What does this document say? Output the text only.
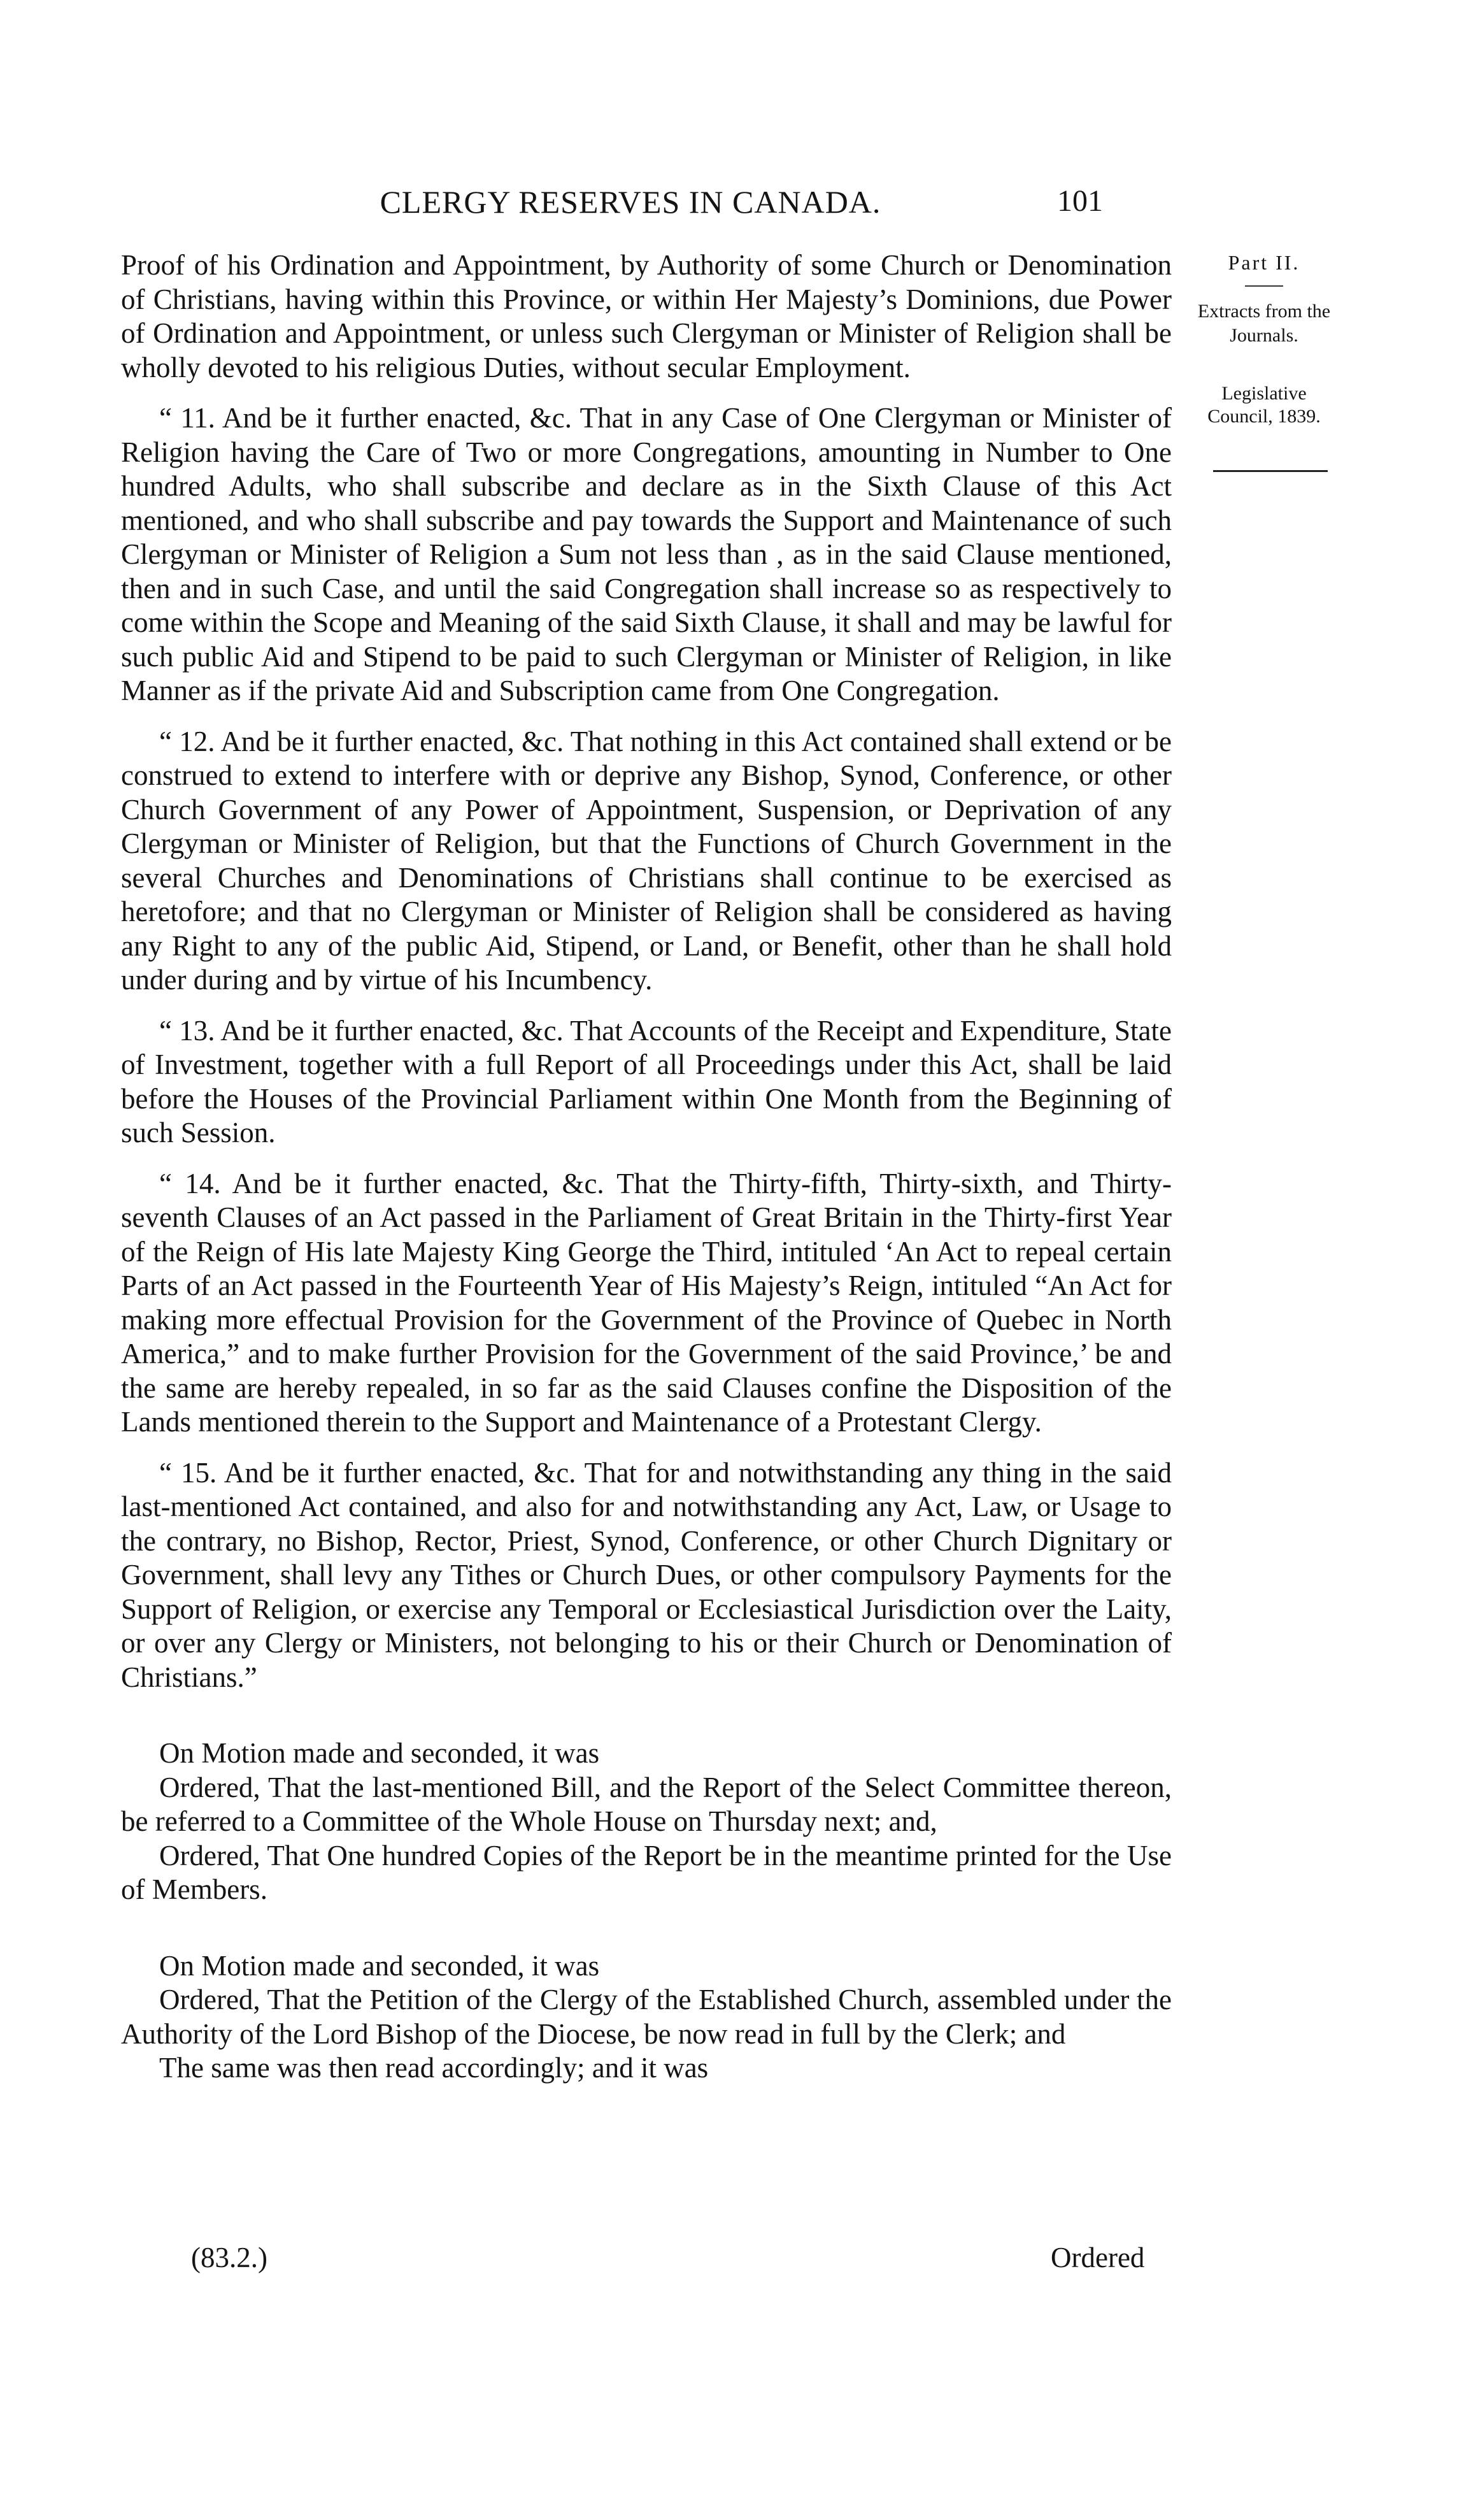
CLERGY RESERVES IN CANADA.	101
Part II.
Extracts from the Journals.
Legislative Council, 1839.

Proof of his Ordination and Appointment, by Authority of some Church or Denomination of Christians, having within this Province, or within Her Majesty’s Dominions, due Power of Ordination and Appointment, or unless such Clergyman or Minister of Religion shall be wholly devoted to his religious Duties, without secular Employment.

“ 11. And be it further enacted, &c. That in any Case of One Clergyman or Minister of Religion having the Care of Two or more Congregations, amounting in Number to One hundred Adults, who shall subscribe and declare as in the Sixth Clause of this Act mentioned, and who shall subscribe and pay towards the Support and Maintenance of such Clergyman or Minister of Religion a Sum not less than , as in the said Clause mentioned, then and in such Case, and until the said Congregation shall increase so as respectively to come within the Scope and Meaning of the said Sixth Clause, it shall and may be lawful for such public Aid and Stipend to be paid to such Clergyman or Minister of Religion, in like Manner as if the private Aid and Subscription came from One Congregation.

“ 12. And be it further enacted, &c. That nothing in this Act contained shall extend or be construed to extend to interfere with or deprive any Bishop, Synod, Conference, or other Church Government of any Power of Appointment, Suspension, or Deprivation of any Clergyman or Minister of Religion, but that the Functions of Church Government in the several Churches and Denominations of Christians shall continue to be exercised as heretofore; and that no Clergyman or Minister of Religion shall be considered as having any Right to any of the public Aid, Stipend, or Land, or Benefit, other than he shall hold under during and by virtue of his Incumbency.

“ 13. And be it further enacted, &c. That Accounts of the Receipt and Expenditure, State of Investment, together with a full Report of all Proceedings under this Act, shall be laid before the Houses of the Provincial Parliament within One Month from the Beginning of such Session.

“ 14. And be it further enacted, &c. That the Thirty-fifth, Thirty-sixth, and Thirty-seventh Clauses of an Act passed in the Parliament of Great Britain in the Thirty-first Year of the Reign of His late Majesty King George the Third, intituled ‘An Act to repeal certain Parts of an Act passed in the Fourteenth Year of His Majesty’s Reign, intituled “An Act for making more effectual Provision for the Government of the Province of Quebec in North America,” and to make further Provision for the Government of the said Province,’ be and the same are hereby repealed, in so far as the said Clauses confine the Disposition of the Lands mentioned therein to the Support and Maintenance of a Protestant Clergy.

“ 15. And be it further enacted, &c. That for and notwithstanding any thing in the said last-mentioned Act contained, and also for and notwithstanding any Act, Law, or Usage to the contrary, no Bishop, Rector, Priest, Synod, Conference, or other Church Dignitary or Government, shall levy any Tithes or Church Dues, or other compulsory Payments for the Support of Religion, or exercise any Temporal or Ecclesiastical Jurisdiction over the Laity, or over any Clergy or Ministers, not belonging to his or their Church or Denomination of Christians.”

On Motion made and seconded, it was

Ordered, That the last-mentioned Bill, and the Report of the Select Committee thereon, be referred to a Committee of the Whole House on Thursday next; and,

Ordered, That One hundred Copies of the Report be in the meantime printed for the Use of Members.

On Motion made and seconded, it was

Ordered, That the Petition of the Clergy of the Established Church, assembled under the Authority of the Lord Bishop of the Diocese, be now read in full by the Clerk; and

The same was then read accordingly; and it was

(83.2.)	Ordered
